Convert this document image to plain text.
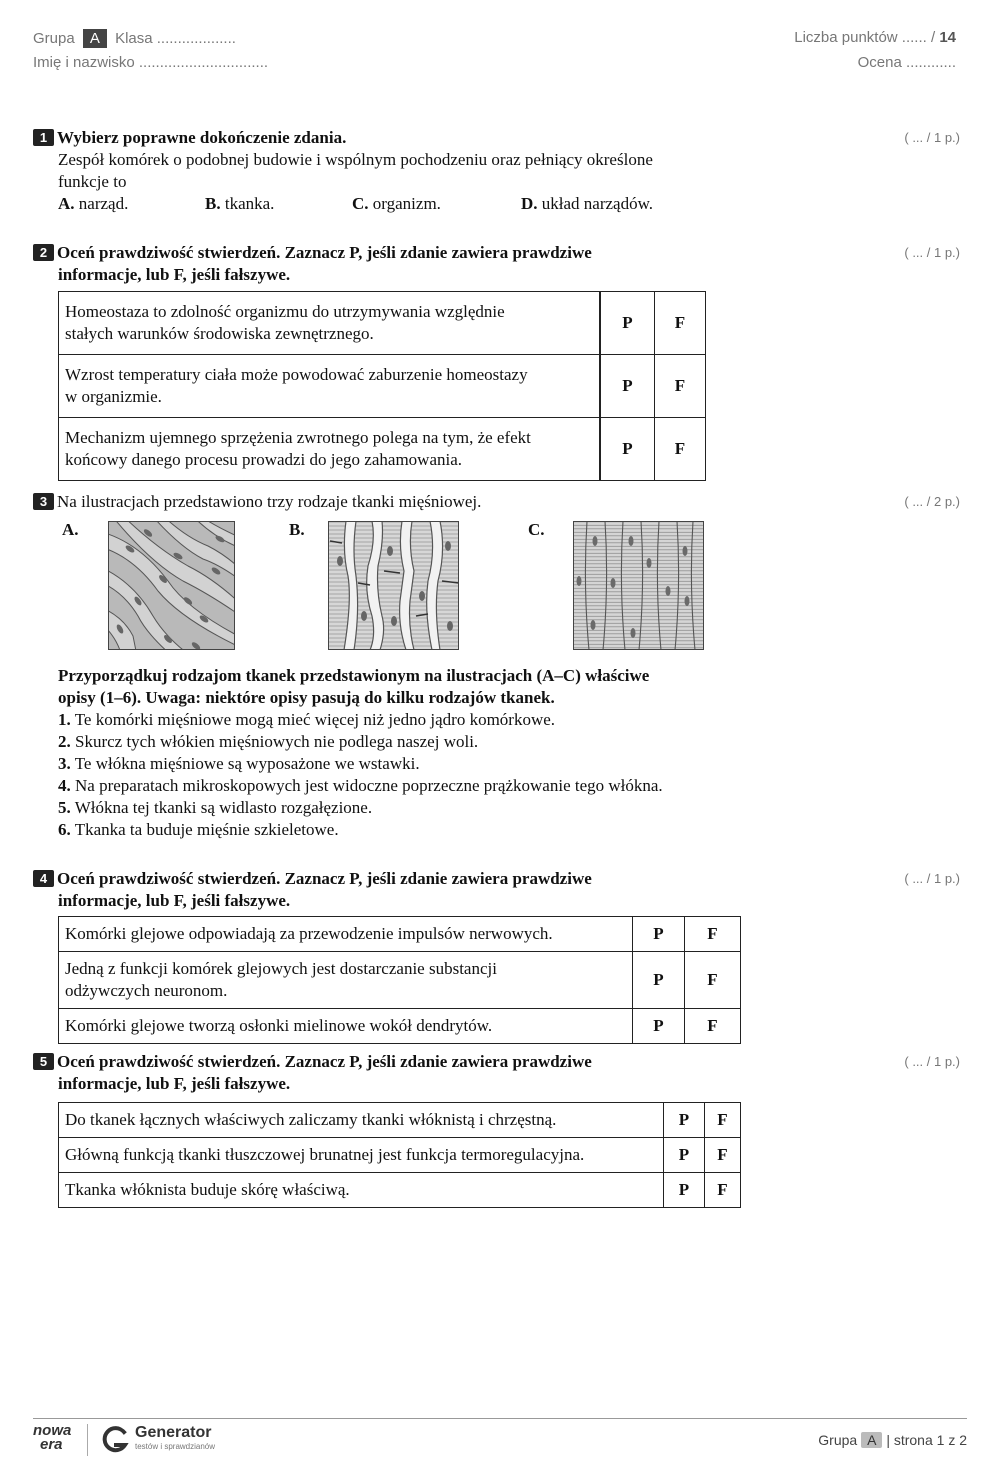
Grupa A Klasa ...................
Imię i nazwisko ...............................
Liczba punktów ...... / 14
Ocena ............
( ... / 1 p.)
1 Wybierz poprawne dokończenie zdania.
Zespół komórek o podobnej budowie i wspólnym pochodzeniu oraz pełniący określone
funkcje to
A. narząd.	B. tkanka.	C. organizm.	D. układ narządów.
( ... / 1 p.)
2 Oceń prawdziwość stwierdzeń. Zaznacz P, jeśli zdanie zawiera prawdziwe
informacje, lub F, jeśli fałszywe.
Homeostaza to zdolność organizmu do utrzymywania względnie
stałych warunków środowiska zewnętrznego.	P	F
Wzrost temperatury ciała może powodować zaburzenie homeostazy
w organizmie.	P	F
Mechanizm ujemnego sprzężenia zwrotnego polega na tym, że efekt
końcowy danego procesu prowadzi do jego zahamowania.	P	F
( ... / 2 p.)
3 Na ilustracjach przedstawiono trzy rodzaje tkanki mięśniowej.
A.	B.	C.
Przyporządkuj rodzajom tkanek przedstawionym na ilustracjach (A–C) właściwe
opisy (1–6). Uwaga: niektóre opisy pasują do kilku rodzajów tkanek.
1. Te komórki mięśniowe mogą mieć więcej niż jedno jądro komórkowe.
2. Skurcz tych włókien mięśniowych nie podlega naszej woli.
3. Te włókna mięśniowe są wyposażone we wstawki.
4. Na preparatach mikroskopowych jest widoczne poprzeczne prążkowanie tego włókna.
5. Włókna tej tkanki są widlasto rozgałęzione.
6. Tkanka ta buduje mięśnie szkieletowe.
( ... / 1 p.)
4 Oceń prawdziwość stwierdzeń. Zaznacz P, jeśli zdanie zawiera prawdziwe
informacje, lub F, jeśli fałszywe.
Komórki glejowe odpowiadają za przewodzenie impulsów nerwowych.	P	F
Jedną z funkcji komórek glejowych jest dostarczanie substancji
odżywczych neuronom.	P	F
Komórki glejowe tworzą osłonki mielinowe wokół dendrytów.	P	F
( ... / 1 p.)
5 Oceń prawdziwość stwierdzeń. Zaznacz P, jeśli zdanie zawiera prawdziwe
informacje, lub F, jeśli fałszywe.
Do tkanek łącznych właściwych zaliczamy tkanki włóknistą i chrzęstną.	P	F
Główną funkcją tkanki tłuszczowej brunatnej jest funkcja termoregulacyjna.	P	F
Tkanka włóknista buduje skórę właściwą.	P	F
nowa
era
Generator
testów i sprawdzianów	Grupa A | strona 1 z 2
